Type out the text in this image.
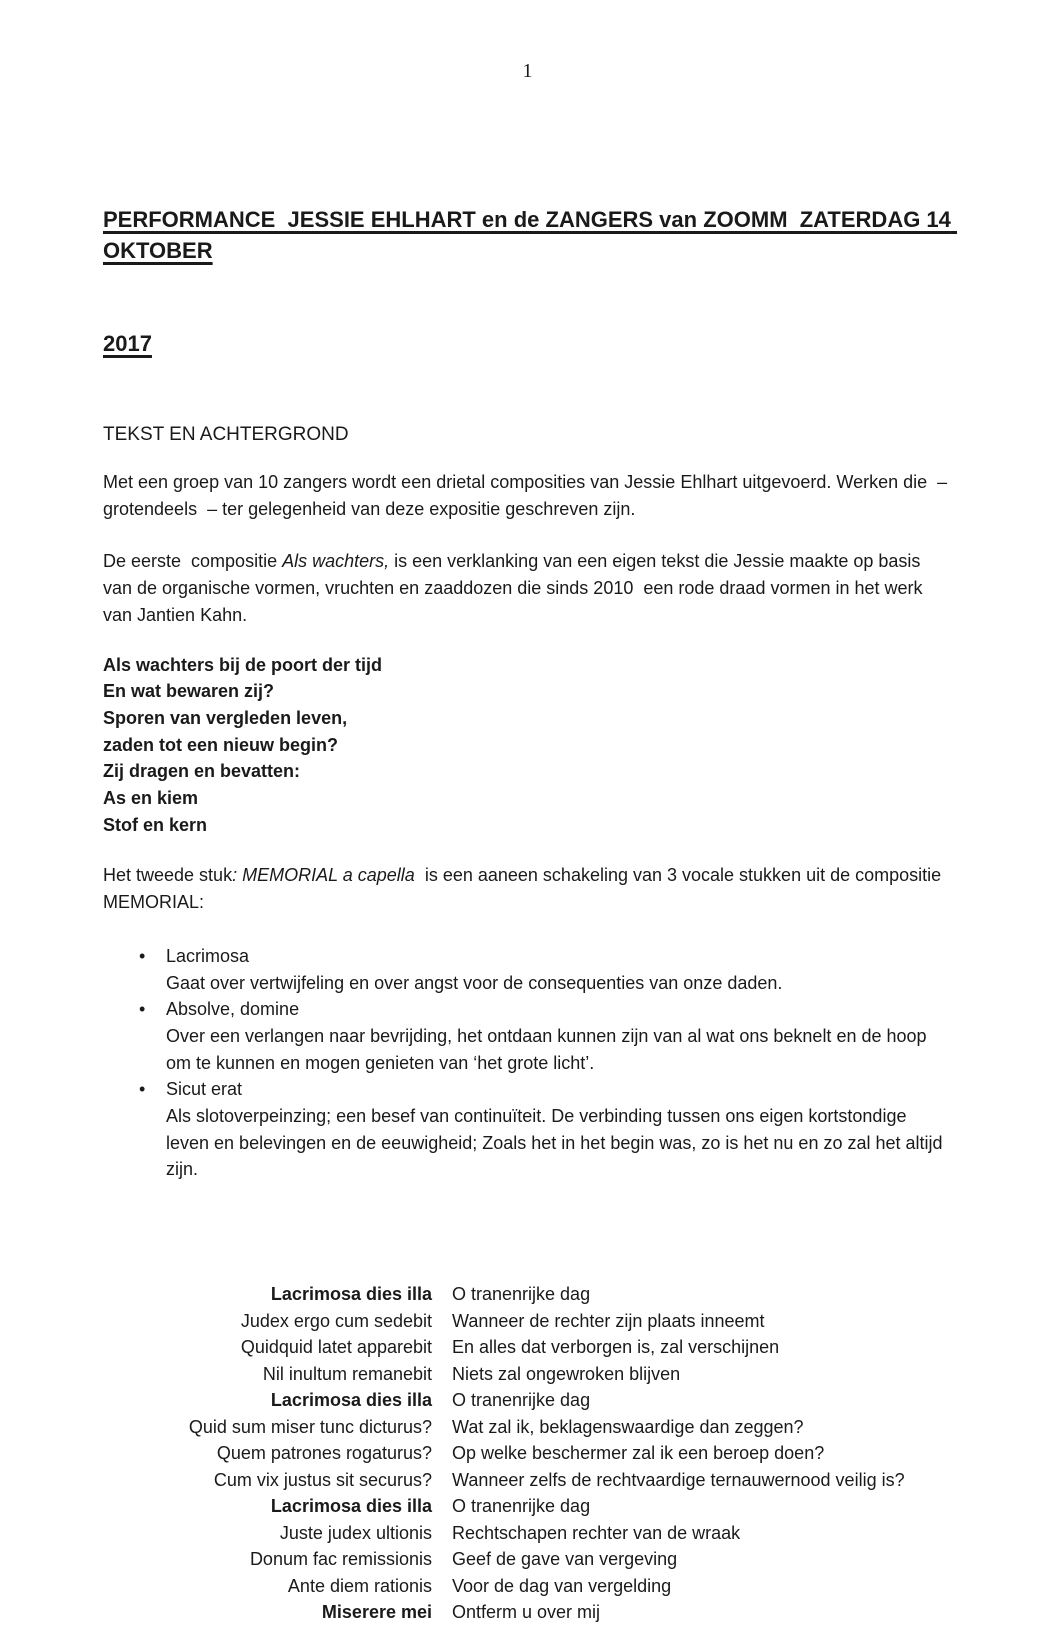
1

PERFORMANCE  JESSIE EHLHART en de ZANGERS van ZOOMM  ZATERDAG 14 OKTOBER

2017

TEKST EN ACHTERGROND

Met een groep van 10 zangers wordt een drietal composities van Jessie Ehlhart uitgevoerd. Werken die  – grotendeels  – ter gelegenheid van deze expositie geschreven zijn.

De eerste  compositie Als wachters, is een verklanking van een eigen tekst die Jessie maakte op basis van de organische vormen, vruchten en zaaddozen die sinds 2010  een rode draad vormen in het werk van Jantien Kahn.

Als wachters bij de poort der tijd
En wat bewaren zij?
Sporen van vergleden leven,
zaden tot een nieuw begin?
Zij dragen en bevatten:
As en kiem
Stof en kern

Het tweede stuk: MEMORIAL a capella  is een aaneen schakeling van 3 vocale stukken uit de compositie MEMORIAL:

• Lacrimosa
Gaat over vertwijfeling en over angst voor de consequenties van onze daden.
• Absolve, domine
Over een verlangen naar bevrijding, het ontdaan kunnen zijn van al wat ons beknelt en de hoop om te kunnen en mogen genieten van ‘het grote licht’.
• Sicut erat
Als slotoverpeinzing; een besef van continuïteit. De verbinding tussen ons eigen kortstondige leven en belevingen en de eeuwigheid; Zoals het in het begin was, zo is het nu en zo zal het altijd zijn.
Lacrimosa dies illa O tranenrijke dag
Judex ergo cum sedebit Wanneer de rechter zijn plaats inneemt
Quidquid latet apparebit En alles dat verborgen is, zal verschijnen
Nil inultum remanebit Niets zal ongewroken blijven
Lacrimosa dies illa O tranenrijke dag
Quid sum miser tunc dicturus? Wat zal ik, beklagenswaardige dan zeggen?
Quem patrones rogaturus? Op welke beschermer zal ik een beroep doen?
Cum vix justus sit securus? Wanneer zelfs de rechtvaardige ternauwernood veilig is?
Lacrimosa dies illa O tranenrijke dag
Juste judex ultionis Rechtschapen rechter van de wraak
Donum fac remissionis Geef de gave van vergeving
Ante diem rationis Voor de dag van vergelding
Miserere mei Ontferm u over mij
